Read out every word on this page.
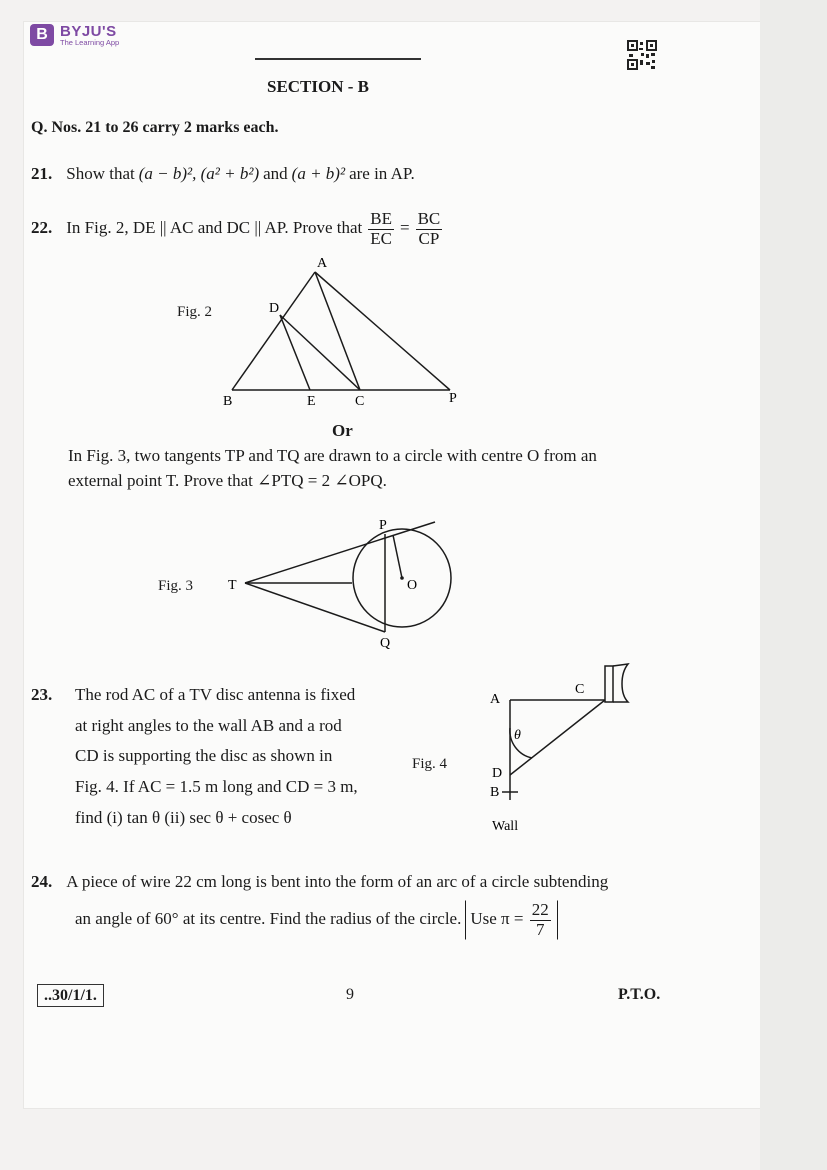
B BYJU'S
The Learning App
SECTION - B
Q. Nos. 21 to 26 carry 2 marks each.
21. Show that (a − b)², (a² + b²) and (a + b)² are in AP.
22. In Fig. 2, DE || AC and DC || AP. Prove that $\frac{BE}{EC} = \frac{BC}{CP}$
A
D
B	E	C	P
Fig. 2
Or
In Fig. 3, two tangents TP and TQ are drawn to a circle with centre O from an
external point T. Prove that ∠PTQ = 2 ∠OPQ.
P
T	O
Q
Fig. 3
23. The rod AC of a TV disc antenna is fixed
at right angles to the wall AB and a rod
CD is supporting the disc as shown in
Fig. 4. If AC = 1.5 m long and CD = 3 m,
find (i) tan θ (ii) sec θ + cosec θ
A
C
θ
D
B
Wall
Fig. 4
24. A piece of wire 22 cm long is bent into the form of an arc of a circle subtending
an angle of 60° at its centre. Find the radius of the circle. Use $\pi = \frac{22}{7}$
..30/1/1.	9	P.T.O.
